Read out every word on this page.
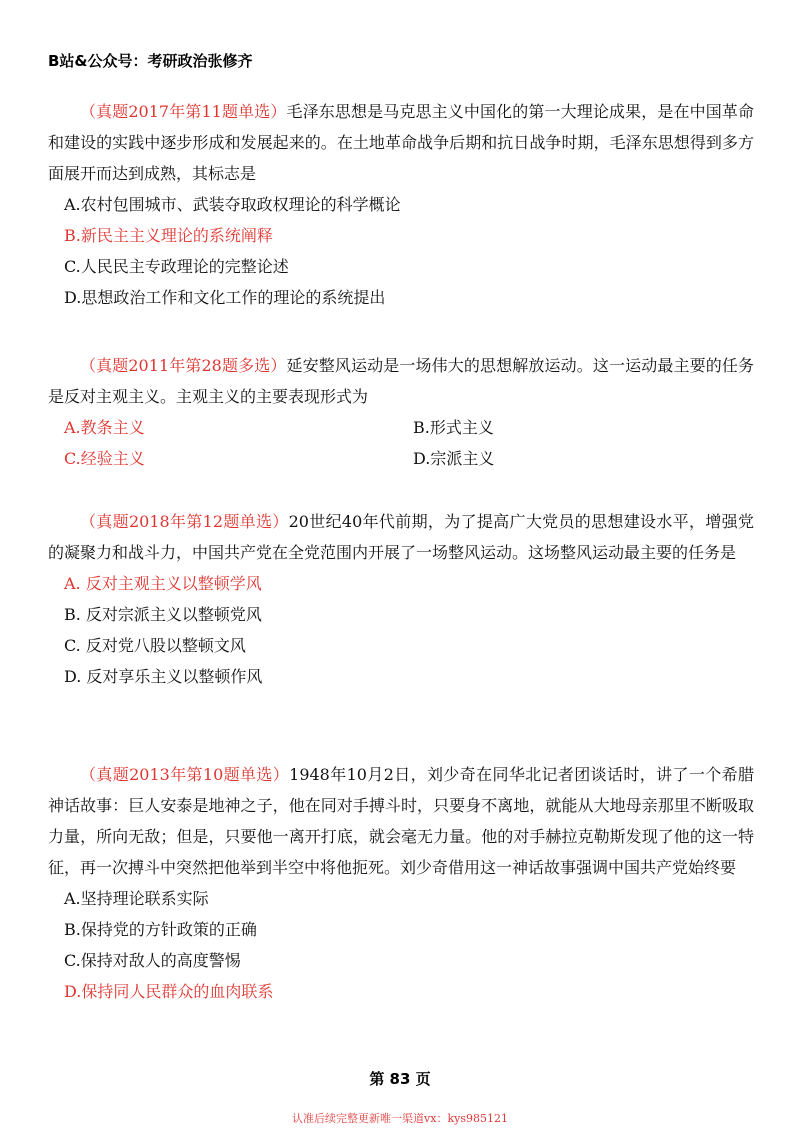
B站&公众号：考研政治张修齐

（真题2017年第11题单选）毛泽东思想是马克思主义中国化的第一大理论成果，是在中国革命和建设的实践中逐步形成和发展起来的。在土地革命战争后期和抗日战争时期，毛泽东思想得到多方面展开而达到成熟，其标志是

A.农村包围城市、武装夺取政权理论的科学概论
B.新民主主义理论的系统阐释
C.人民民主专政理论的完整论述
D.思想政治工作和文化工作的理论的系统提出

（真题2011年第28题多选）延安整风运动是一场伟大的思想解放运动。这一运动最主要的任务是反对主观主义。主观主义的主要表现形式为

A.教条主义	B.形式主义
C.经验主义	D.宗派主义

（真题2018年第12题单选）20世纪40年代前期，为了提高广大党员的思想建设水平，增强党的凝聚力和战斗力，中国共产党在全党范围内开展了一场整风运动。这场整风运动最主要的任务是

A. 反对主观主义以整顿学风
B. 反对宗派主义以整顿党风
C. 反对党八股以整顿文风
D. 反对享乐主义以整顿作风

（真题2013年第10题单选）1948年10月2日，刘少奇在同华北记者团谈话时，讲了一个希腊神话故事：巨人安泰是地神之子，他在同对手搏斗时，只要身不离地，就能从大地母亲那里不断吸取力量，所向无敌；但是，只要他一离开打底，就会毫无力量。他的对手赫拉克勒斯发现了他的这一特征，再一次搏斗中突然把他举到半空中将他扼死。刘少奇借用这一神话故事强调中国共产党始终要

A.坚持理论联系实际
B.保持党的方针政策的正确
C.保持对敌人的高度警惕
D.保持同人民群众的血肉联系
第 83 页
认准后续完整更新唯一渠道vx：kys985121
